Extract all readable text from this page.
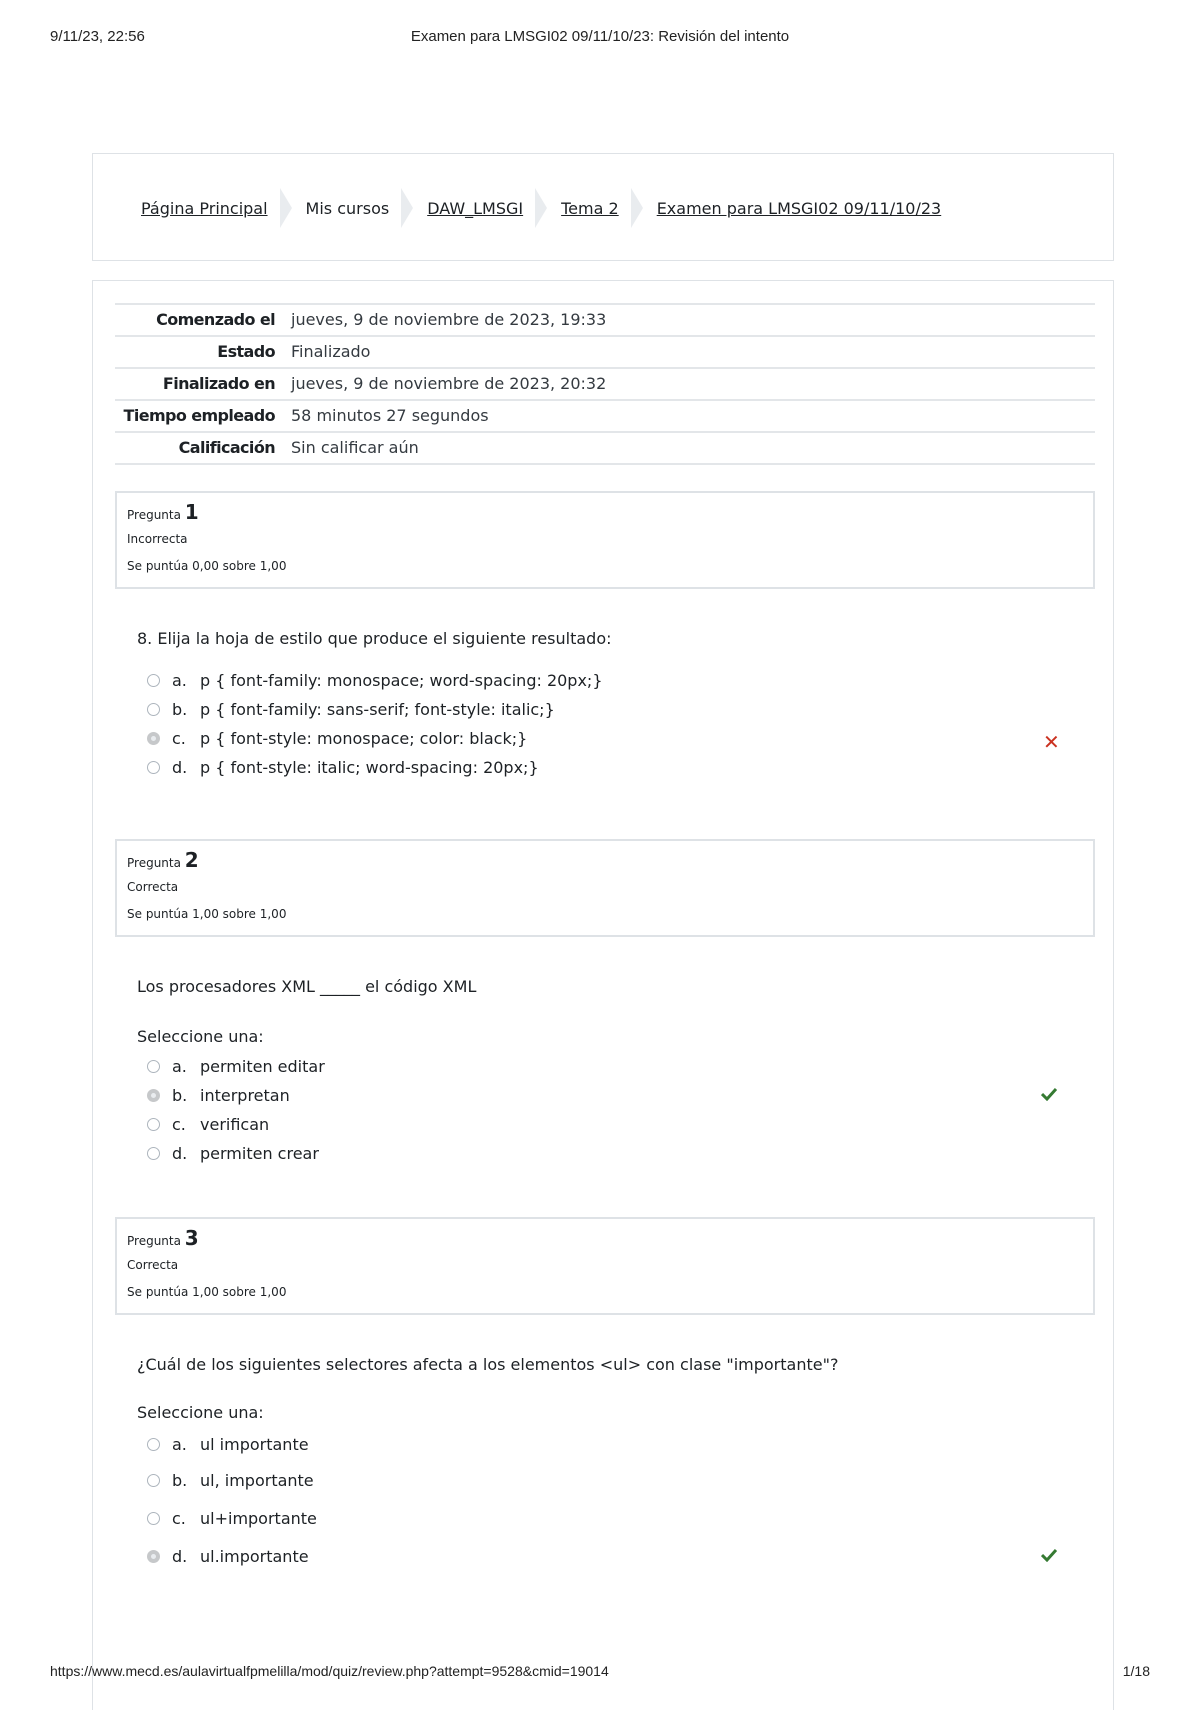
9/11/23, 22:56	Examen para LMSGI02 09/11/10/23: Revisión del intento
Página Principal Mis cursos DAW_LMSGI Tema 2 Examen para LMSGI02 09/11/10/23
Comenzado el	jueves, 9 de noviembre de 2023, 19:33
Estado	Finalizado
Finalizado en	jueves, 9 de noviembre de 2023, 20:32
Tiempo empleado	58 minutos 27 segundos
Calificación	Sin calificar aún
Pregunta 1
Incorrecta
Se puntúa 0,00 sobre 1,00
8. Elija la hoja de estilo que produce el siguiente resultado:
a. p { font-family: monospace; word-spacing: 20px;}
b. p { font-family: sans-serif; font-style: italic;}
c. p { font-style: monospace; color: black;}
d. p { font-style: italic; word-spacing: 20px;}
✕
Pregunta 2
Correcta
Se puntúa 1,00 sobre 1,00
Los procesadores XML _____ el código XML
Seleccione una:
a. permiten editar
b. interpretan
c. verifican
d. permiten crear
Pregunta 3
Correcta
Se puntúa 1,00 sobre 1,00
¿Cuál de los siguientes selectores afecta a los elementos <ul> con clase "importante"?
Seleccione una:
a. ul importante
b. ul, importante
c. ul+importante
d. ul.importante
https://www.mecd.es/aulavirtualfpmelilla/mod/quiz/review.php?attempt=9528&cmid=19014	1/18
